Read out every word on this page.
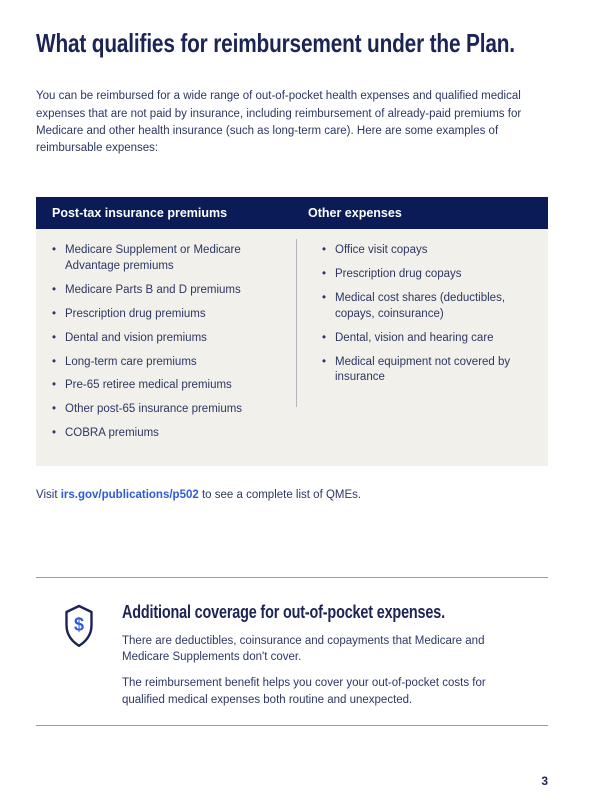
What qualifies for reimbursement under the Plan.

You can be reimbursed for a wide range of out-of-pocket health expenses and qualified medical expenses that are not paid by insurance, including reimbursement of already-paid premiums for Medicare and other health insurance (such as long-term care). Here are some examples of reimbursable expenses:

Post-tax insurance premiums	Other expenses
• Medicare Supplement or Medicare Advantage premiums
• Medicare Parts B and D premiums
• Prescription drug premiums
• Dental and vision premiums
• Long-term care premiums
• Pre-65 retiree medical premiums
• Other post-65 insurance premiums
• COBRA premiums
• Office visit copays
• Prescription drug copays
• Medical cost shares (deductibles, copays, coinsurance)
• Dental, vision and hearing care
• Medical equipment not covered by insurance

Visit irs.gov/publications/p502 to see a complete list of QMEs.

$
Additional coverage for out-of-pocket expenses.

There are deductibles, coinsurance and copayments that Medicare and Medicare Supplements don't cover.

The reimbursement benefit helps you cover your out-of-pocket costs for qualified medical expenses both routine and unexpected.

3
